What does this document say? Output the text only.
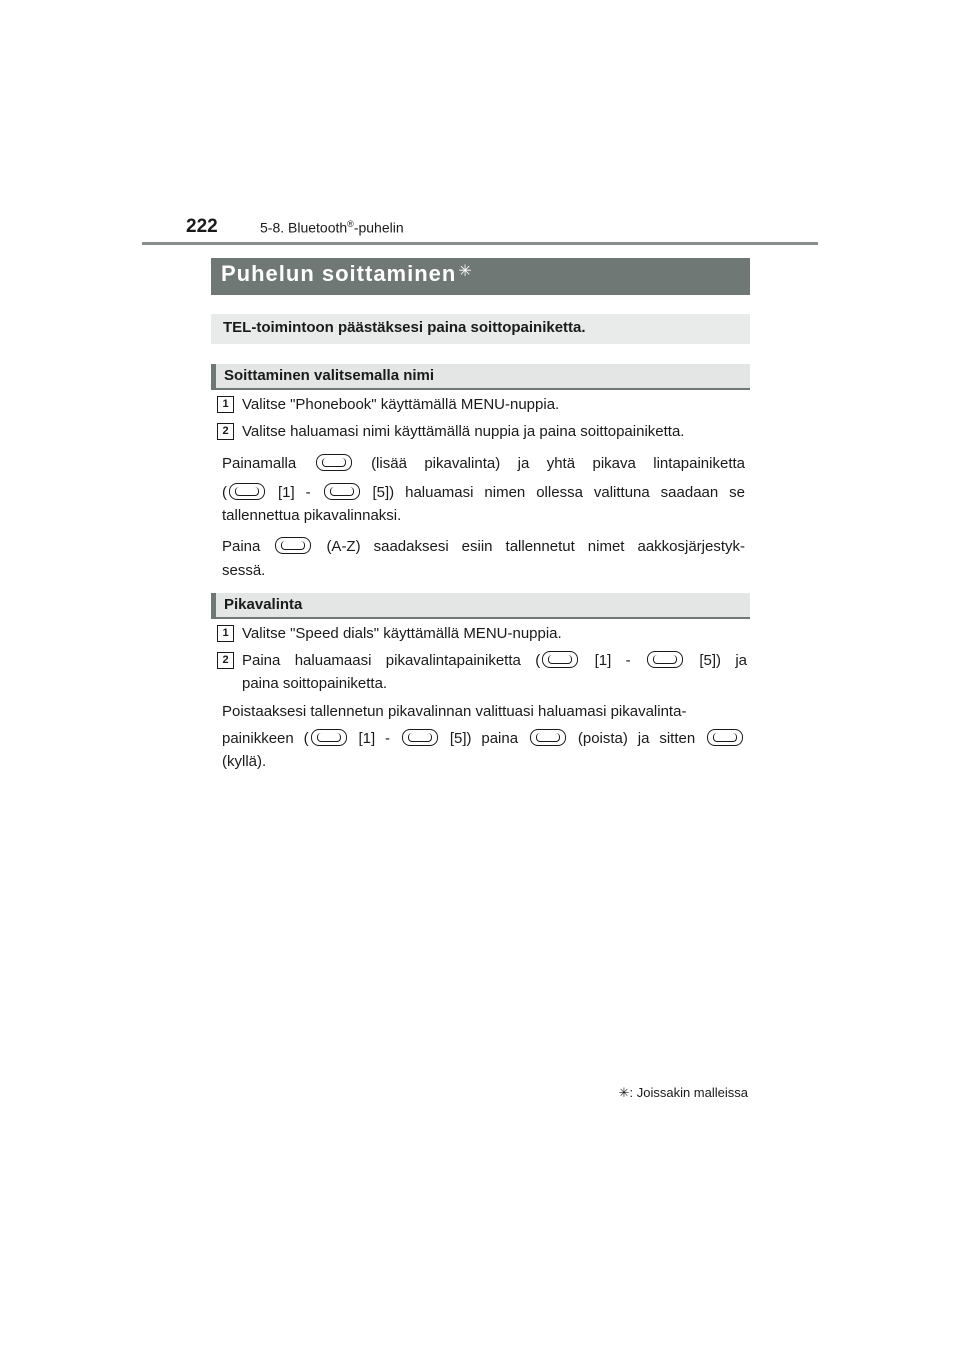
222	5-8. Bluetooth®-puhelin
Puhelun soittaminen ✳
TEL-toimintoon päästäksesi paina soittopainiketta.
Soittaminen valitsemalla nimi
1 Valitse "Phonebook" käyttämällä MENU-nuppia.
2 Valitse haluamasi nimi käyttämällä nuppia ja paina soittopainiketta.
Painamalla	(lisää pikavalinta) ja yhtä pikava lintapainiketta
(	[1] -	[5]) haluamasi nimen ollessa valittuna saadaan se
tallennettua pikavalinnaksi.
Paina	(A-Z) saadaksesi esiin tallennetut nimet aakkosjärjestyk-
sessä.
Pikavalinta
1 Valitse "Speed dials" käyttämällä MENU-nuppia.
2 Paina haluamaasi pikavalintapainiketta (	[1] -	[5]) ja
paina soittopainiketta.
Poistaaksesi tallennetun pikavalinnan valittuasi haluamasi pikavalinta-
painikkeen (	[1] -	[5]) paina	(poista) ja sitten
(kyllä).
✳: Joissakin malleissa
